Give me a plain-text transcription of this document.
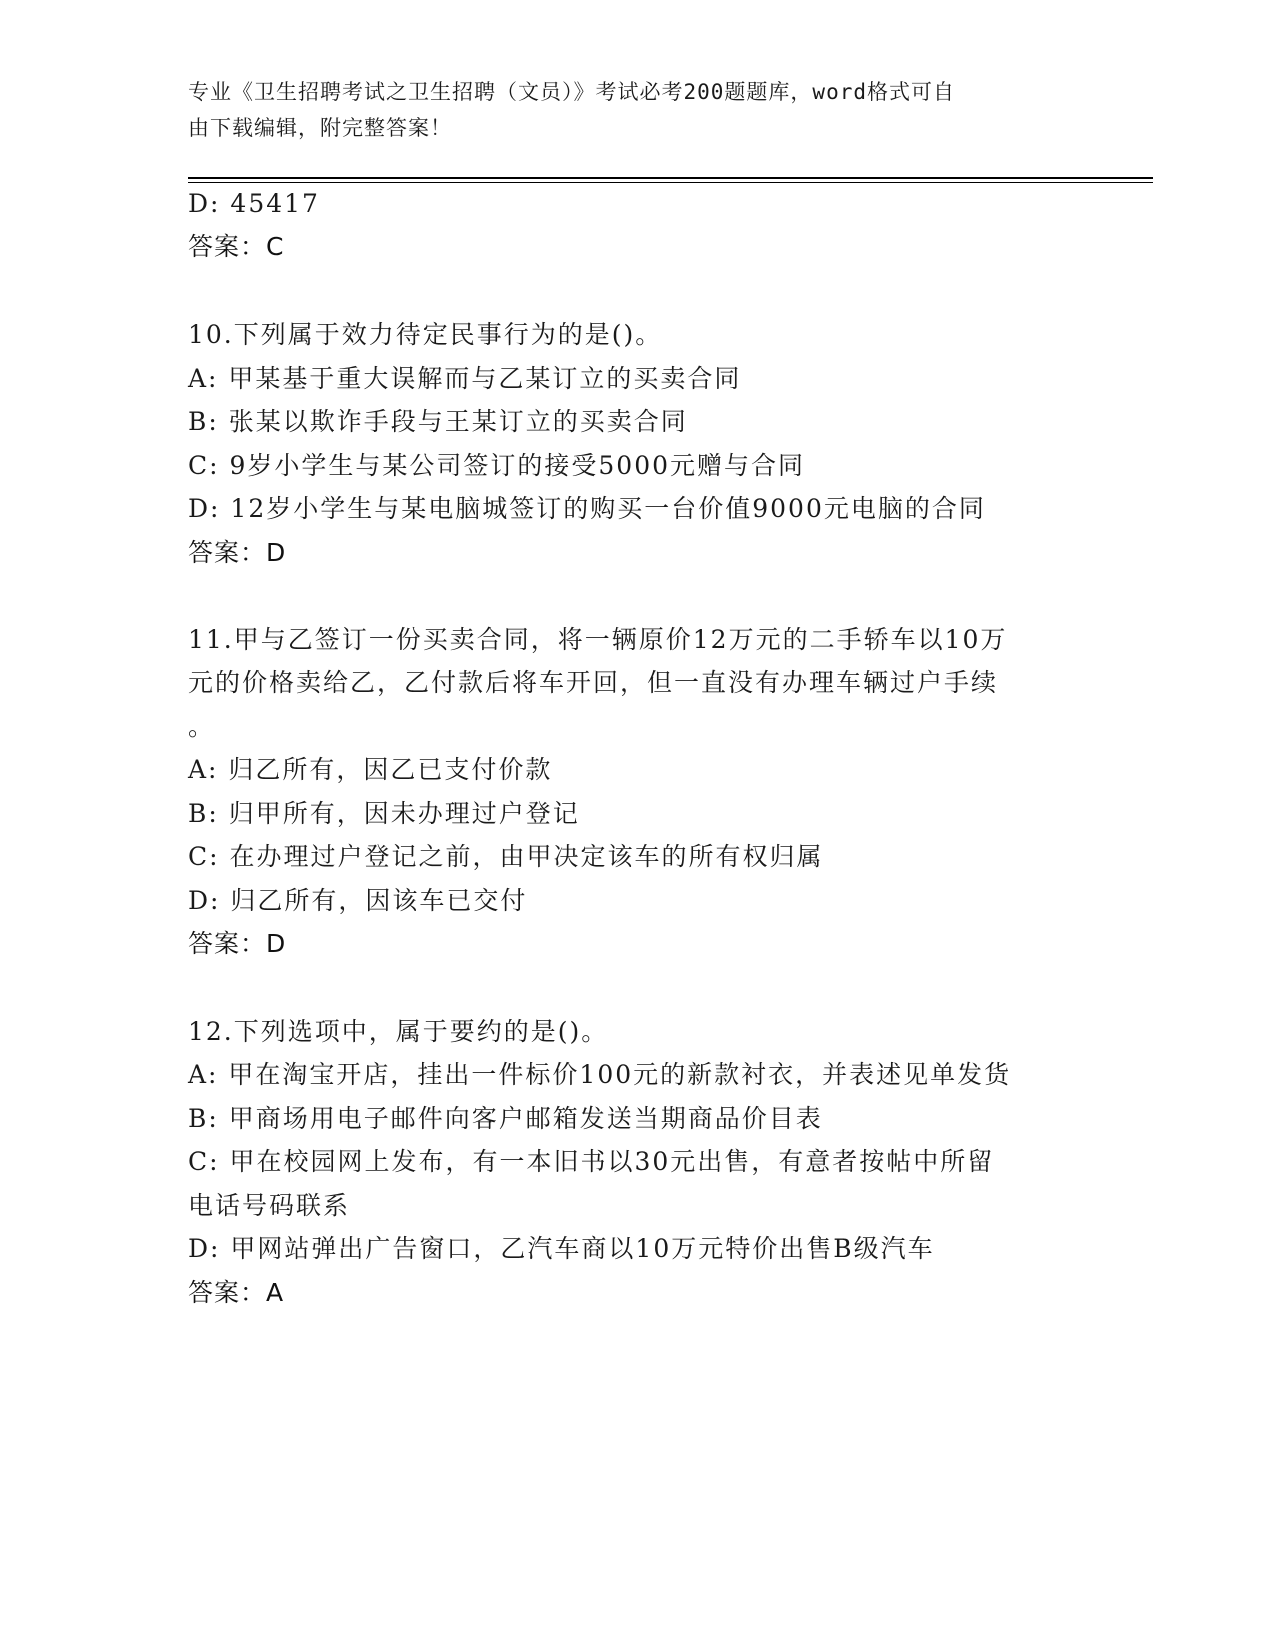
专业《卫生招聘考试之卫生招聘（文员）》考试必考200题题库，word格式可自
由下载编辑，附完整答案！
D: 45417
答案：C
10.下列属于效力待定民事行为的是()。
A: 甲某基于重大误解而与乙某订立的买卖合同
B: 张某以欺诈手段与王某订立的买卖合同
C: 9岁小学生与某公司签订的接受5000元赠与合同
D: 12岁小学生与某电脑城签订的购买一台价值9000元电脑的合同
答案：D
11.甲与乙签订一份买卖合同，将一辆原价12万元的二手轿车以10万
元的价格卖给乙，乙付款后将车开回，但一直没有办理车辆过户手续
。
A: 归乙所有，因乙已支付价款
B: 归甲所有，因未办理过户登记
C: 在办理过户登记之前，由甲决定该车的所有权归属
D: 归乙所有，因该车已交付
答案：D
12.下列选项中，属于要约的是()。
A: 甲在淘宝开店，挂出一件标价100元的新款衬衣，并表述见单发货
B: 甲商场用电子邮件向客户邮箱发送当期商品价目表
C: 甲在校园网上发布，有一本旧书以30元出售，有意者按帖中所留
电话号码联系
D: 甲网站弹出广告窗口，乙汽车商以10万元特价出售B级汽车
答案：A
